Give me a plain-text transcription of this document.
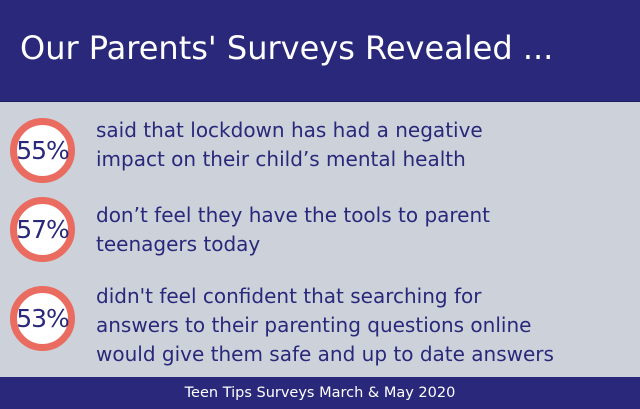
Our Parents' Surveys Revealed ...
55%

said that lockdown has had a negative
impact on their child’s mental health

57%	don’t feel they have the tools to parent
teenagers today

53%

didn't feel confident that searching for
answers to their parenting questions online
would give them safe and up to date answers

Teen Tips Surveys March & May 2020
